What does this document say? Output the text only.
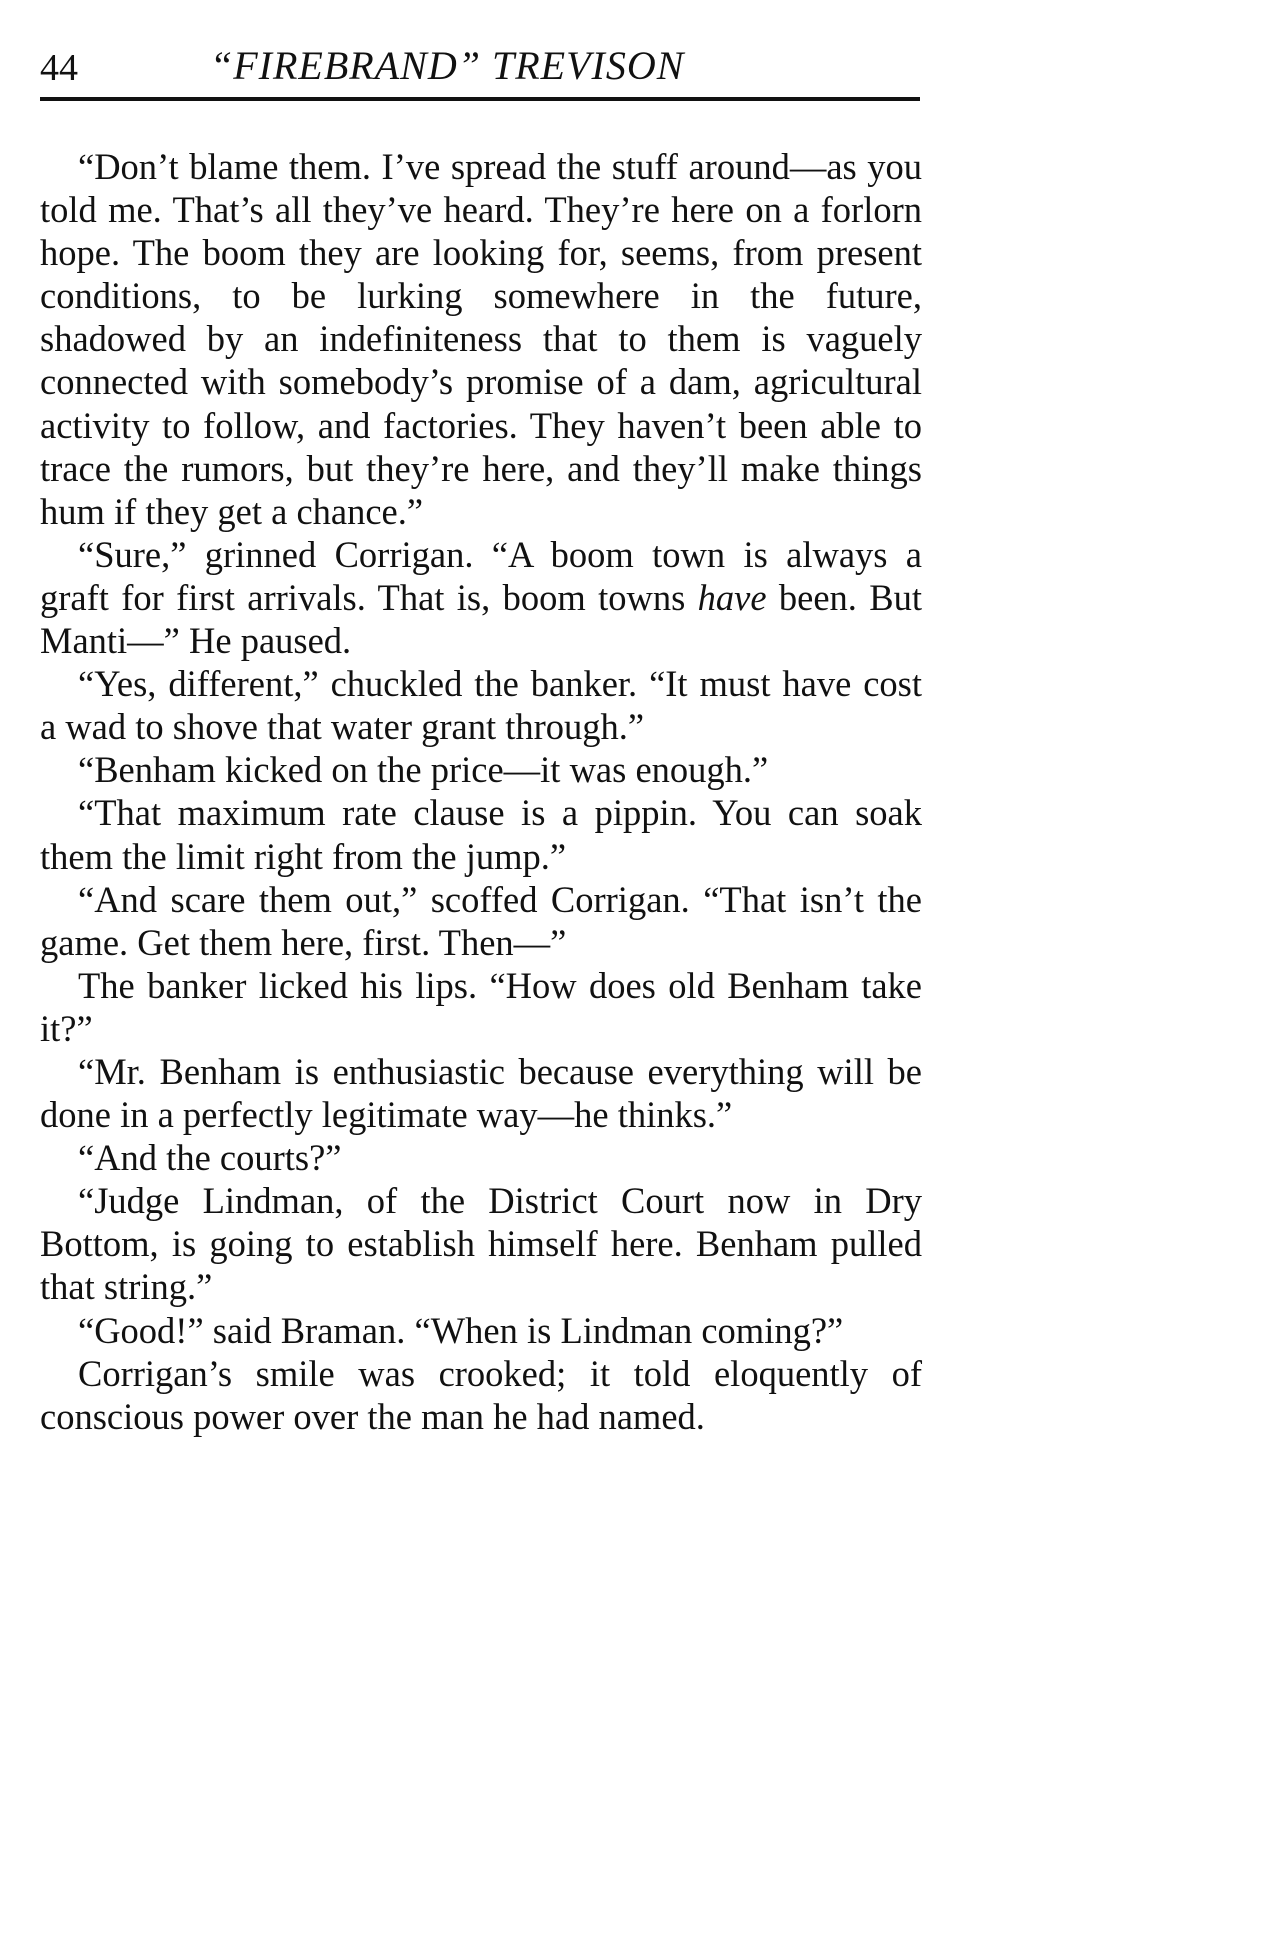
44	“FIREBRAND” TREVISON

“Don’t blame them. I’ve spread the stuff around—as you told me. That’s all they’ve heard. They’re here on a forlorn hope. The boom they are looking for, seems, from present conditions, to be lurking somewhere in the future, shadowed by an indefiniteness that to them is vaguely connected with somebody’s promise of a dam, agricultural activity to follow, and factories. They haven’t been able to trace the rumors, but they’re here, and they’ll make things hum if they get a chance.”

“Sure,” grinned Corrigan. “A boom town is always a graft for first arrivals. That is, boom towns have been. But Manti—” He paused.

“Yes, different,” chuckled the banker. “It must have cost a wad to shove that water grant through.”

“Benham kicked on the price—it was enough.”

“That maximum rate clause is a pippin. You can soak them the limit right from the jump.”

“And scare them out,” scoffed Corrigan. “That isn’t the game. Get them here, first. Then—”

The banker licked his lips. “How does old Benham take it?”

“Mr. Benham is enthusiastic because everything will be done in a perfectly legitimate way—he thinks.”

“And the courts?”

“Judge Lindman, of the District Court now in Dry Bottom, is going to establish himself here. Benham pulled that string.”

“Good!” said Braman. “When is Lindman coming?”

Corrigan’s smile was crooked; it told eloquently of conscious power over the man he had named.
